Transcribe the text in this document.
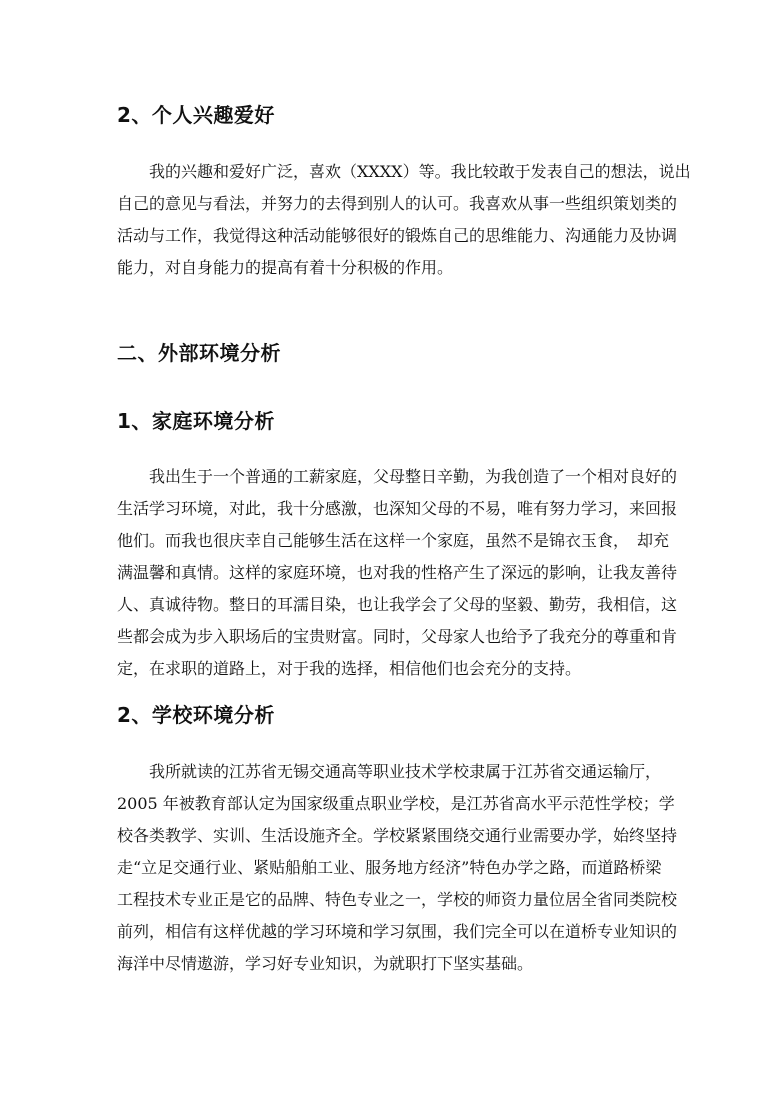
2、个人兴趣爱好
我的兴趣和爱好广泛，喜欢（XXXX）等。我比较敢于发表自己的想法，说出
自己的意见与看法，并努力的去得到别人的认可。我喜欢从事一些组织策划类的
活动与工作，我觉得这种活动能够很好的锻炼自己的思维能力、沟通能力及协调
能力，对自身能力的提高有着十分积极的作用。
二、外部环境分析
1、家庭环境分析
我出生于一个普通的工薪家庭，父母整日辛勤，为我创造了一个相对良好的
生活学习环境，对此，我十分感激，也深知父母的不易，唯有努力学习，来回报
他们。而我也很庆幸自己能够生活在这样一个家庭，虽然不是锦衣玉食，　却充
满温馨和真情。这样的家庭环境，也对我的性格产生了深远的影响，让我友善待
人、真诚待物。整日的耳濡目染，也让我学会了父母的坚毅、勤劳，我相信，这
些都会成为步入职场后的宝贵财富。同时，父母家人也给予了我充分的尊重和肯
定，在求职的道路上，对于我的选择，相信他们也会充分的支持。
2、学校环境分析
我所就读的江苏省无锡交通高等职业技术学校隶属于江苏省交通运输厅，
2005 年被教育部认定为国家级重点职业学校，是江苏省高水平示范性学校；学
校各类教学、实训、生活设施齐全。学校紧紧围绕交通行业需要办学，始终坚持
走“立足交通行业、紧贴船舶工业、服务地方经济”特色办学之路，而道路桥梁
工程技术专业正是它的品牌、特色专业之一，学校的师资力量位居全省同类院校
前列，相信有这样优越的学习环境和学习氛围，我们完全可以在道桥专业知识的
海洋中尽情遨游，学习好专业知识，为就职打下坚实基础。
